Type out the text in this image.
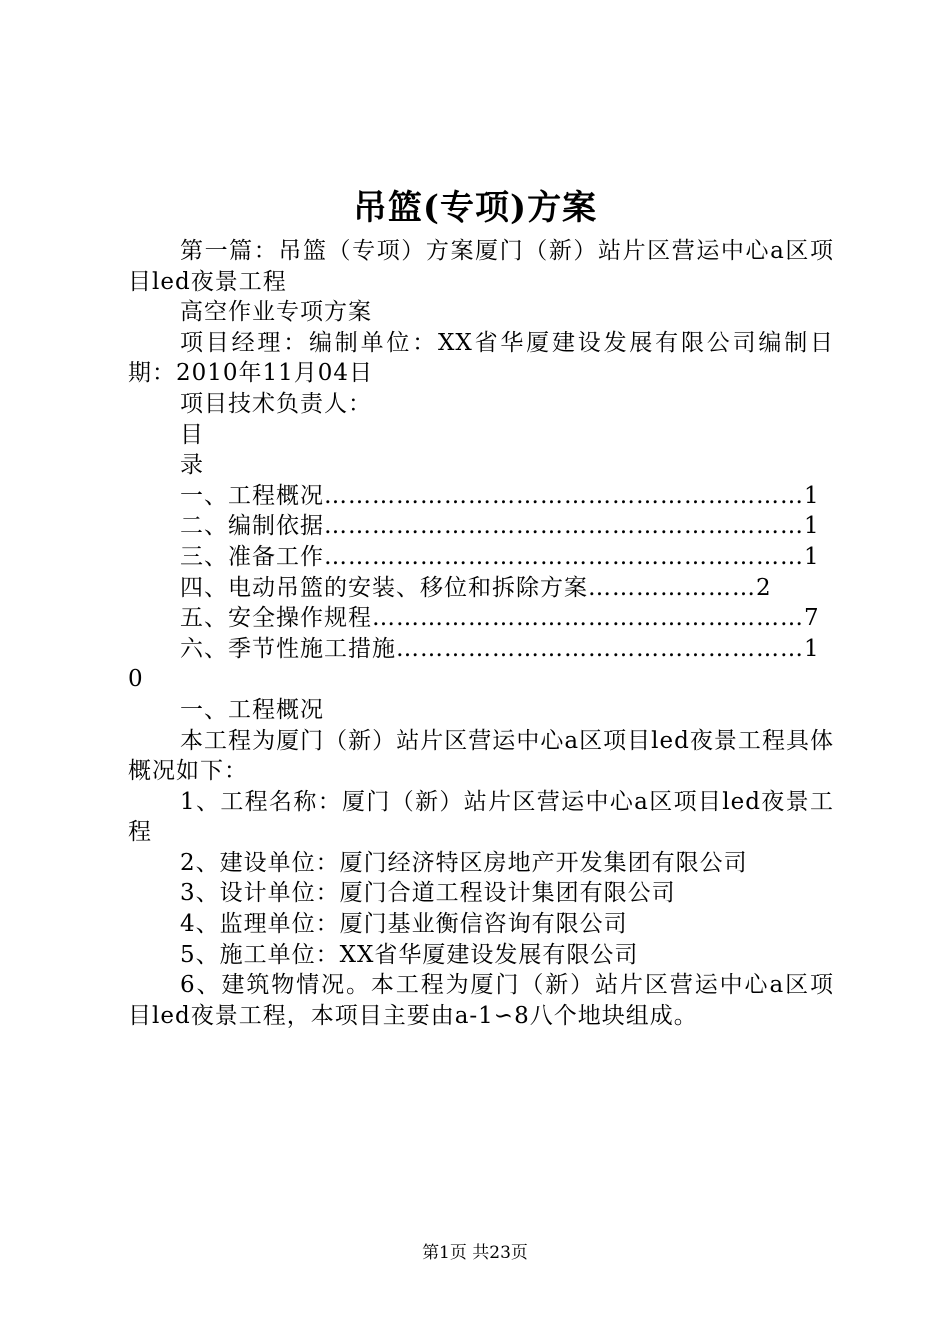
吊篮(专项)方案

第一篇：吊篮（专项）方案厦门（新）站片区营运中心a区项目led夜景工程

高空作业专项方案

项目经理：编制单位：XX省华厦建设发展有限公司编制日期：2010年11月04日

项目技术负责人：

目

录

一、工程概况……………………………………………………1

二、编制依据……………………………………………………1

三、准备工作……………………………………………………1

四、电动吊篮的安装、移位和拆除方案…………………2

五、安全操作规程………………………………………………7

六、季节性施工措施……………………………………………10

一、工程概况

本工程为厦门（新）站片区营运中心a区项目led夜景工程具体概况如下：

1、工程名称：厦门（新）站片区营运中心a区项目led夜景工程

2、建设单位：厦门经济特区房地产开发集团有限公司

3、设计单位：厦门合道工程设计集团有限公司

4、监理单位：厦门基业衡信咨询有限公司

5、施工单位：XX省华厦建设发展有限公司

6、建筑物情况。本工程为厦门（新）站片区营运中心a区项目led夜景工程，本项目主要由a-1∽8八个地块组成。

第1页 共23页
